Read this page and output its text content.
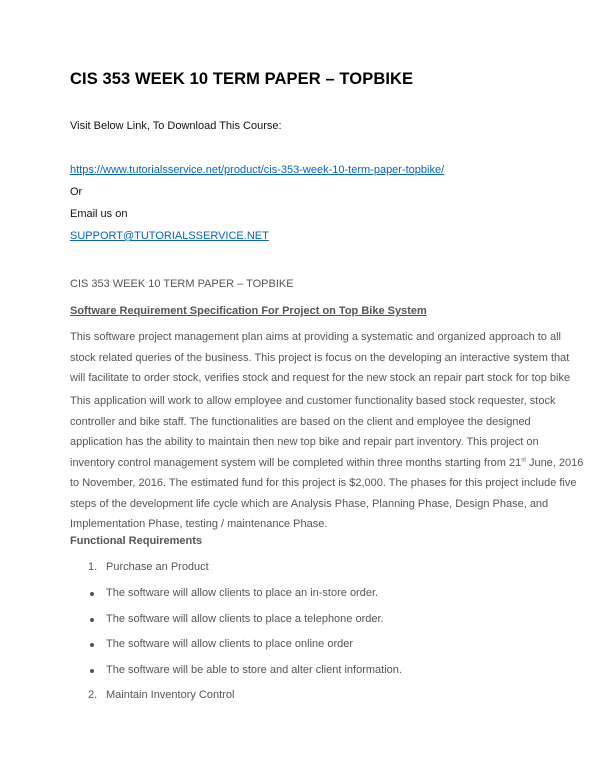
CIS 353 WEEK 10 TERM PAPER – TOPBIKE
Visit Below Link, To Download This Course:
https://www.tutorialsservice.net/product/cis-353-week-10-term-paper-topbike/
Or
Email us on
SUPPORT@TUTORIALSSERVICE.NET
CIS 353 WEEK 10 TERM PAPER – TOPBIKE
Software Requirement Specification For Project on Top Bike System
This software project management plan aims at providing a systematic and organized approach to all
stock related queries of the business. This project is focus on the developing an interactive system that
will facilitate to order stock, verifies stock and request for the new stock an repair part stock for top bike
This application will work to allow employee and customer functionality based stock requester, stock
controller and bike staff. The functionalities are based on the client and employee the designed
application has the ability to maintain then new top bike and repair part inventory. This project on
inventory control management system will be completed within three months starting from 21st June, 2016
to November, 2016. The estimated fund for this project is $2,000. The phases for this project include five
steps of the development life cycle which are Analysis Phase, Planning Phase, Design Phase, and
Implementation Phase, testing / maintenance Phase.
Functional Requirements
1. Purchase an Product
The software will allow clients to place an in-store order.
The software will allow clients to place a telephone order.
The software will allow clients to place online order
The software will be able to store and alter client information.
2. Maintain Inventory Control
